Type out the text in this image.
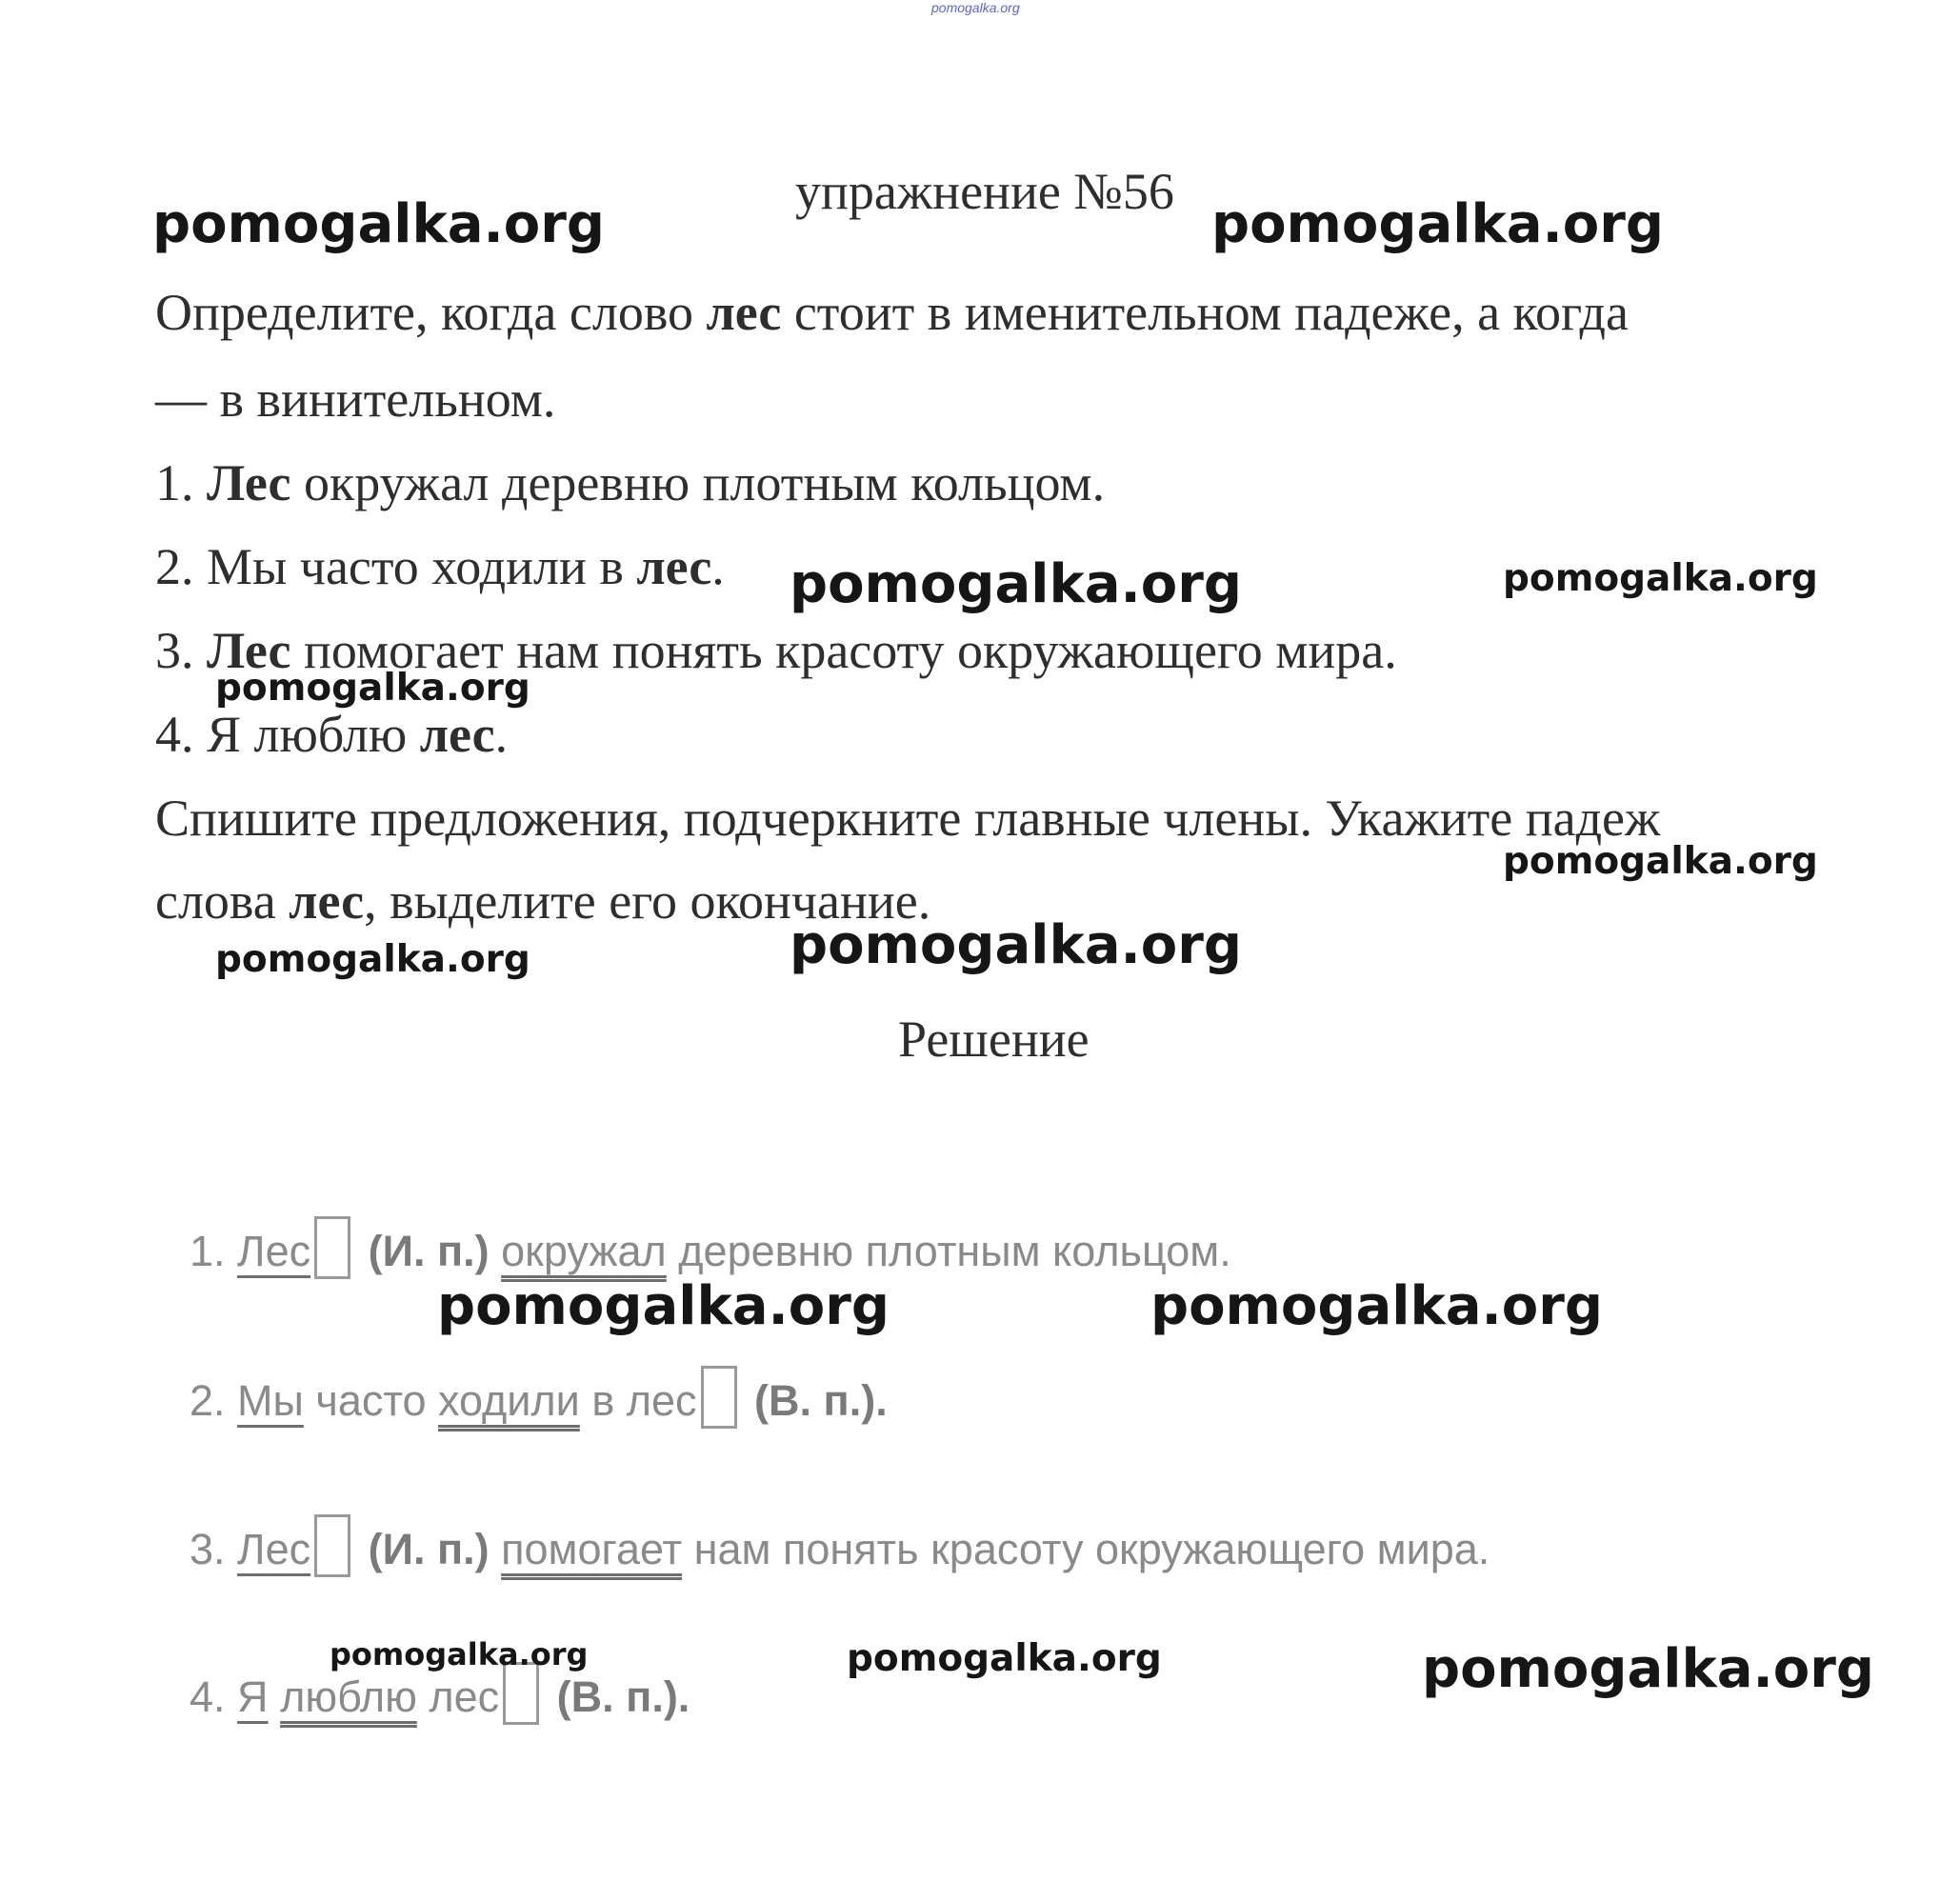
pomogalka.org
упражнение №56
Определите, когда слово лес стоит в именительном падеже, а когда
— в винительном.
1. Лес окружал деревню плотным кольцом.
2. Мы часто ходили в лес.
3. Лес помогает нам понять красоту окружающего мира.
4. Я люблю лес.
Спишите предложения, подчеркните главные члены. Укажите падеж
слова лес, выделите его окончание.
Решение
1. Лес (И. п.) окружал деревню плотным кольцом.
2. Мы часто ходили в лес (В. п.).
3. Лес (И. п.) помогает нам понять красоту окружающего мира.
4. Я люблю лес (В. п.).
pomogalka.org	pomogalka.org
pomogalka.org	pomogalka.org
pomogalka.org
pomogalka.org
pomogalka.org	pomogalka.org
pomogalka.org	pomogalka.org
pomogalka.org	pomogalka.org	pomogalka.org
